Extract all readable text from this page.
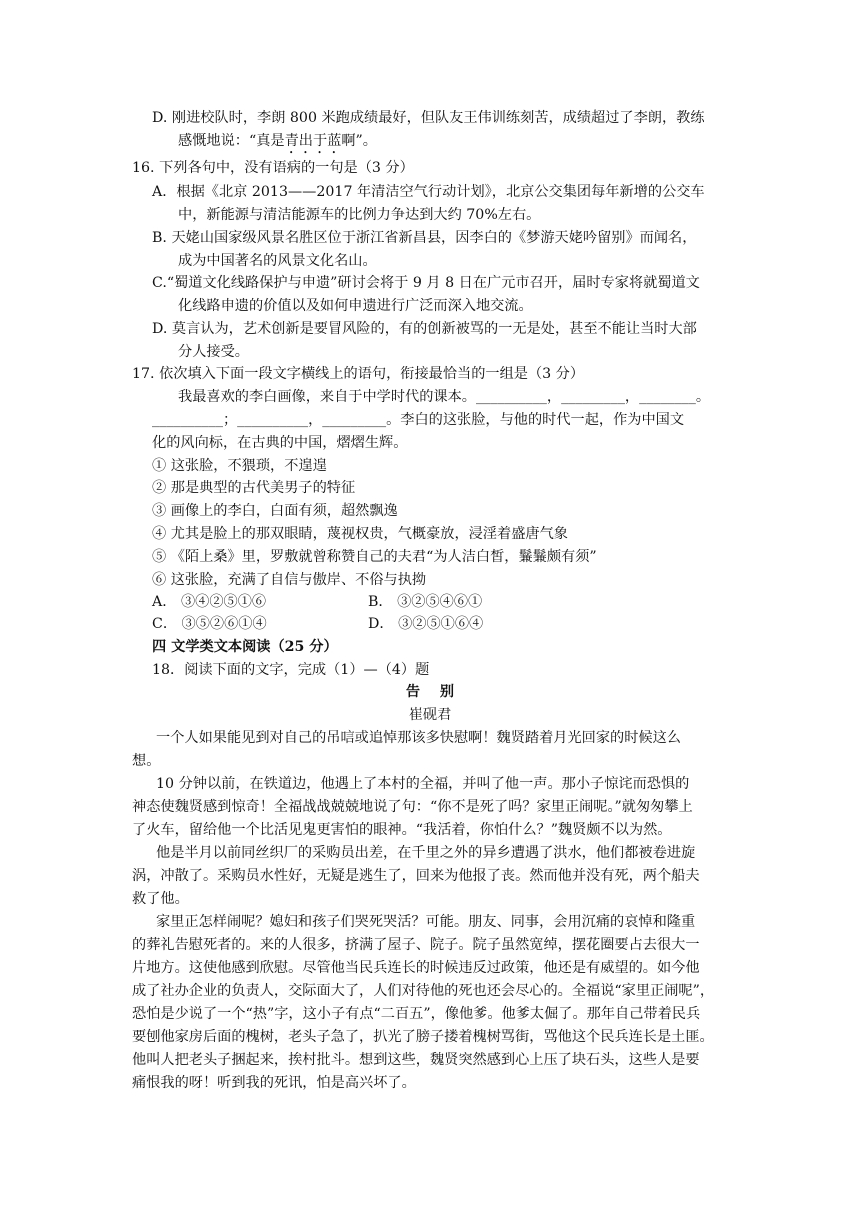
D. 刚进校队时，李朗 800 米跑成绩最好，但队友王伟训练刻苦，成绩超过了李朗，教练
感慨地说：“真是青出于蓝啊”。
16. 下列各句中，没有语病的一句是（3 分）
A．根据《北京 2013——2017 年清洁空气行动计划》，北京公交集团每年新增的公交车
中，新能源与清洁能源车的比例力争达到大约 70%左右。
B. 天姥山国家级风景名胜区位于浙江省新昌县，因李白的《梦游天姥吟留别》而闻名，
成为中国著名的风景文化名山。
C.“蜀道文化线路保护与申遗”研讨会将于 9 月 8 日在广元市召开，届时专家将就蜀道文
化线路申遗的价值以及如何申遗进行广泛而深入地交流。
D. 莫言认为，艺术创新是要冒风险的，有的创新被骂的一无是处，甚至不能让当时大部
分人接受。
17. 依次填入下面一段文字横线上的语句，衔接最恰当的一组是（3 分）
我最喜欢的李白画像，来自于中学时代的课本。__________，_________，________。
__________；__________，_________。李白的这张脸，与他的时代一起，作为中国文
化的风向标，在古典的中国，熠熠生辉。
① 这张脸，不猥琐，不遑遑
② 那是典型的古代美男子的特征
③ 画像上的李白，白面有须，超然飘逸
④ 尤其是脸上的那双眼睛，蔑视权贵，气概豪放，浸淫着盛唐气象
⑤ 《陌上桑》里，罗敷就曾称赞自己的夫君“为人洁白皙，鬑鬑颇有须”
⑥ 这张脸，充满了自信与傲岸、不俗与执拗
A． ③④②⑤①⑥	B． ③②⑤④⑥①
C． ③⑤②⑥①④	D． ③②⑤①⑥④
四 文学类文本阅读（25 分）
18．阅读下面的文字，完成（1）—（4）题
告    别
崔砚君
一个人如果能见到对自己的吊唁或追悼那该多快慰啊！魏贤踏着月光回家的时候这么
想。
10 分钟以前，在铁道边，他遇上了本村的全福，并叫了他一声。那小子惊诧而恐惧的
神态使魏贤感到惊奇！全福战战兢兢地说了句：“你不是死了吗？家里正闹呢。”就匆匆攀上
了火车，留给他一个比活见鬼更害怕的眼神。“我活着，你怕什么？”魏贤颇不以为然。
他是半月以前同丝织厂的采购员出差，在千里之外的异乡遭遇了洪水，他们都被卷进旋
涡，冲散了。采购员水性好，无疑是逃生了，回来为他报了丧。然而他并没有死，两个船夫
救了他。
家里正怎样闹呢？媳妇和孩子们哭死哭活？可能。朋友、同事，会用沉痛的哀悼和隆重
的葬礼告慰死者的。来的人很多，挤满了屋子、院子。院子虽然宽绰，摆花圈要占去很大一
片地方。这使他感到欣慰。尽管他当民兵连长的时候违反过政策，他还是有威望的。如今他
成了社办企业的负责人，交际面大了，人们对待他的死也还会尽心的。全福说“家里正闹呢”，
恐怕是少说了一个“热”字，这小子有点“二百五”，像他爹。他爹太倔了。那年自己带着民兵
要刨他家房后面的槐树，老头子急了，扒光了膀子搂着槐树骂街，骂他这个民兵连长是土匪。
他叫人把老头子捆起来，挨村批斗。想到这些，魏贤突然感到心上压了块石头，这些人是要
痛恨我的呀！听到我的死讯，怕是高兴坏了。
